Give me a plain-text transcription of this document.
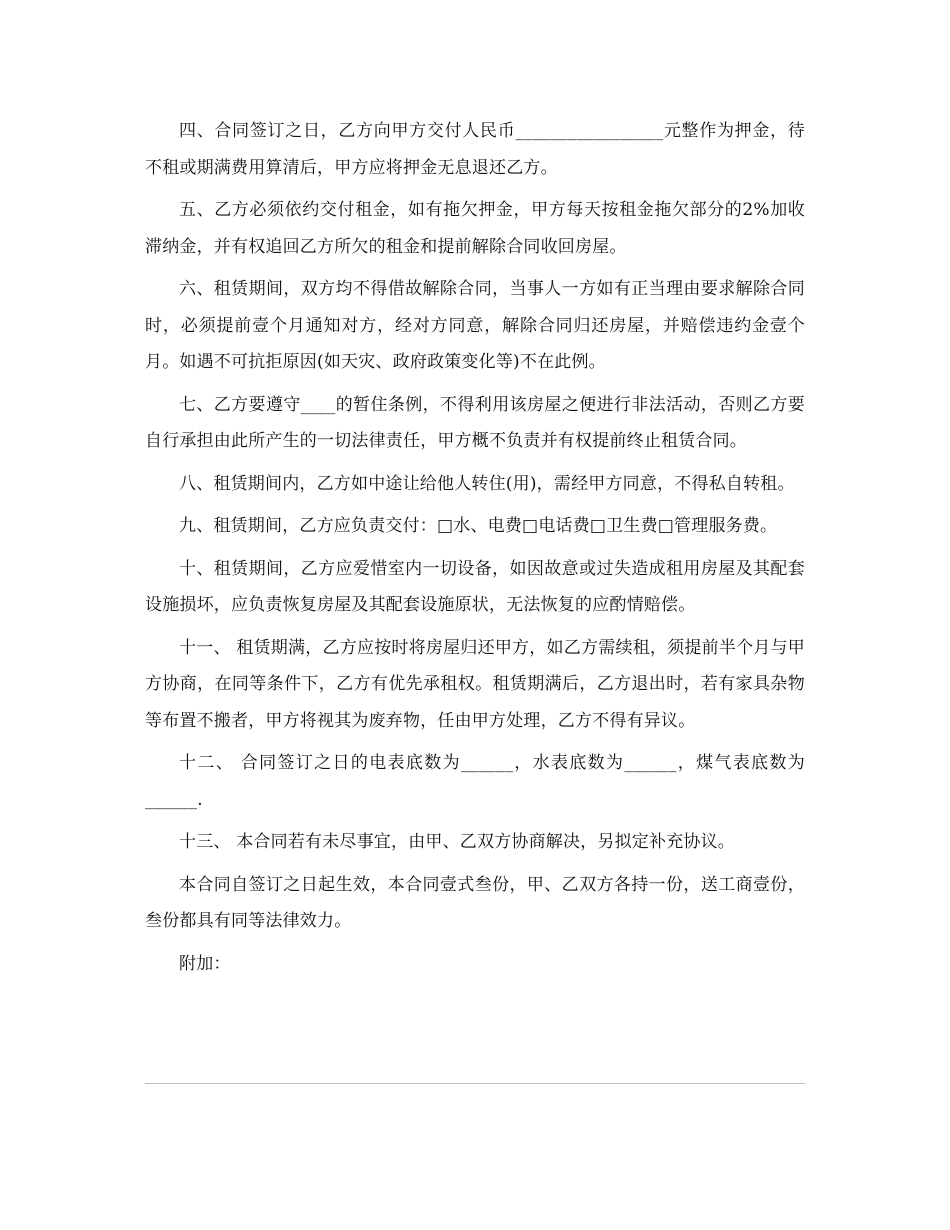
四、合同签订之日，乙方向甲方交付人民币_________________元整作为押金，待不租或期满费用算清后，甲方应将押金无息退还乙方。

五、乙方必须依约交付租金，如有拖欠押金，甲方每天按租金拖欠部分的2%加收滞纳金，并有权追回乙方所欠的租金和提前解除合同收回房屋。

六、租赁期间，双方均不得借故解除合同，当事人一方如有正当理由要求解除合同时，必须提前壹个月通知对方，经对方同意，解除合同归还房屋，并赔偿违约金壹个月。如遇不可抗拒原因(如天灾、政府政策变化等)不在此例。

七、乙方要遵守____的暂住条例，不得利用该房屋之便进行非法活动，否则乙方要自行承担由此所产生的一切法律责任，甲方概不负责并有权提前终止租赁合同。

八、租赁期间内，乙方如中途让给他人转住(用)，需经甲方同意，不得私自转租。

九、租赁期间，乙方应负责交付：□水、电费□电话费□卫生费□管理服务费。

十、租赁期间，乙方应爱惜室内一切设备，如因故意或过失造成租用房屋及其配套设施损坏，应负责恢复房屋及其配套设施原状，无法恢复的应酌情赔偿。

十一、 租赁期满，乙方应按时将房屋归还甲方，如乙方需续租，须提前半个月与甲方协商，在同等条件下，乙方有优先承租权。租赁期满后，乙方退出时，若有家具杂物等布置不搬者，甲方将视其为废弃物，任由甲方处理，乙方不得有异议。

十二、 合同签订之日的电表底数为______，水表底数为______，煤气表底数为______.

十三、 本合同若有未尽事宜，由甲、乙双方协商解决，另拟定补充协议。

本合同自签订之日起生效，本合同壹式叁份，甲、乙双方各持一份，送工商壹份，叁份都具有同等法律效力。

附加：
